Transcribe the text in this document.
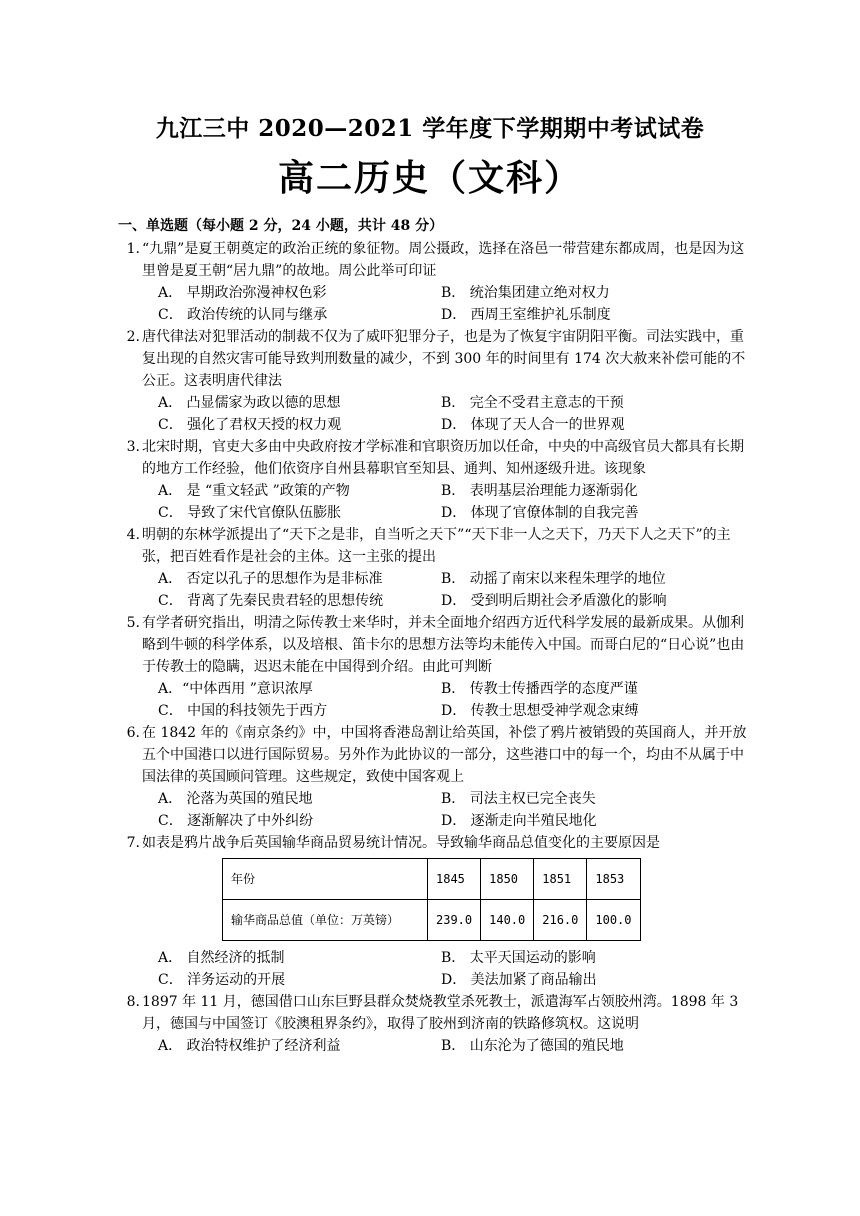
九江三中 2020—2021 学年度下学期期中考试试卷
高二历史（文科）
一、单选题（每小题 2 分，24 小题，共计 48 分）
1. “九鼎”是夏王朝奠定的政治正统的象征物。周公摄政，选择在洛邑一带营建东都成周，也是因为这里曾是夏王朝“居九鼎”的故地。周公此举可印证
A． 早期政治弥漫神权色彩	B． 统治集团建立绝对权力
C． 政治传统的认同与继承	D． 西周王室维护礼乐制度
2. 唐代律法对犯罪活动的制裁不仅为了威吓犯罪分子，也是为了恢复宇宙阴阳平衡。司法实践中，重复出现的自然灾害可能导致判刑数量的减少，不到 300 年的时间里有 174 次大赦来补偿可能的不公正。这表明唐代律法
A． 凸显儒家为政以德的思想	B． 完全不受君主意志的干预
C． 强化了君权天授的权力观	D． 体现了天人合一的世界观
3. 北宋时期，官吏大多由中央政府按才学标准和官职资历加以任命，中央的中高级官员大都具有长期的地方工作经验，他们依资序自州县幕职官至知县、通判、知州逐级升进。该现象
A． 是 “重文轻武 ”政策的产物	B． 表明基层治理能力逐渐弱化
C． 导致了宋代官僚队伍膨胀	D． 体现了官僚体制的自我完善
4. 明朝的东林学派提出了“天下之是非，自当听之天下”“天下非一人之天下，乃天下人之天下”的主张，把百姓看作是社会的主体。这一主张的提出
A． 否定以孔子的思想作为是非标准	B． 动摇了南宋以来程朱理学的地位
C． 背离了先秦民贵君轻的思想传统	D． 受到明后期社会矛盾激化的影响
5. 有学者研究指出，明清之际传教士来华时，并未全面地介绍西方近代科学发展的最新成果。从伽利略到牛顿的科学体系，以及培根、笛卡尔的思想方法等均未能传入中国。而哥白尼的“日心说”也由于传教士的隐瞒，迟迟未能在中国得到介绍。由此可判断
A．“中体西用 ”意识浓厚	B． 传教士传播西学的态度严谨
C． 中国的科技领先于西方	D． 传教士思想受神学观念束缚
6. 在 1842 年的《南京条约》中，中国将香港岛割让给英国，补偿了鸦片被销毁的英国商人，并开放五个中国港口以进行国际贸易。另外作为此协议的一部分，这些港口中的每一个，均由不从属于中国法律的英国顾问管理。这些规定，致使中国客观上
A． 沦落为英国的殖民地	B． 司法主权已完全丧失
C． 逐渐解决了中外纠纷	D． 逐渐走向半殖民地化
7. 如表是鸦片战争后英国输华商品贸易统计情况。导致输华商品总值变化的主要原因是
年份	1845	1850	1851	1853
输华商品总值（单位：万英镑）	239.0	140.0	216.0	100.0
A． 自然经济的抵制	B． 太平天国运动的影响
C． 洋务运动的开展	D． 美法加紧了商品输出
8. 1897 年 11 月，德国借口山东巨野县群众焚烧教堂杀死教士，派遣海军占领胶州湾。1898 年 3 月，德国与中国签订《胶澳租界条约》，取得了胶州到济南的铁路修筑权。这说明
A． 政治特权维护了经济利益	B． 山东沦为了德国的殖民地
